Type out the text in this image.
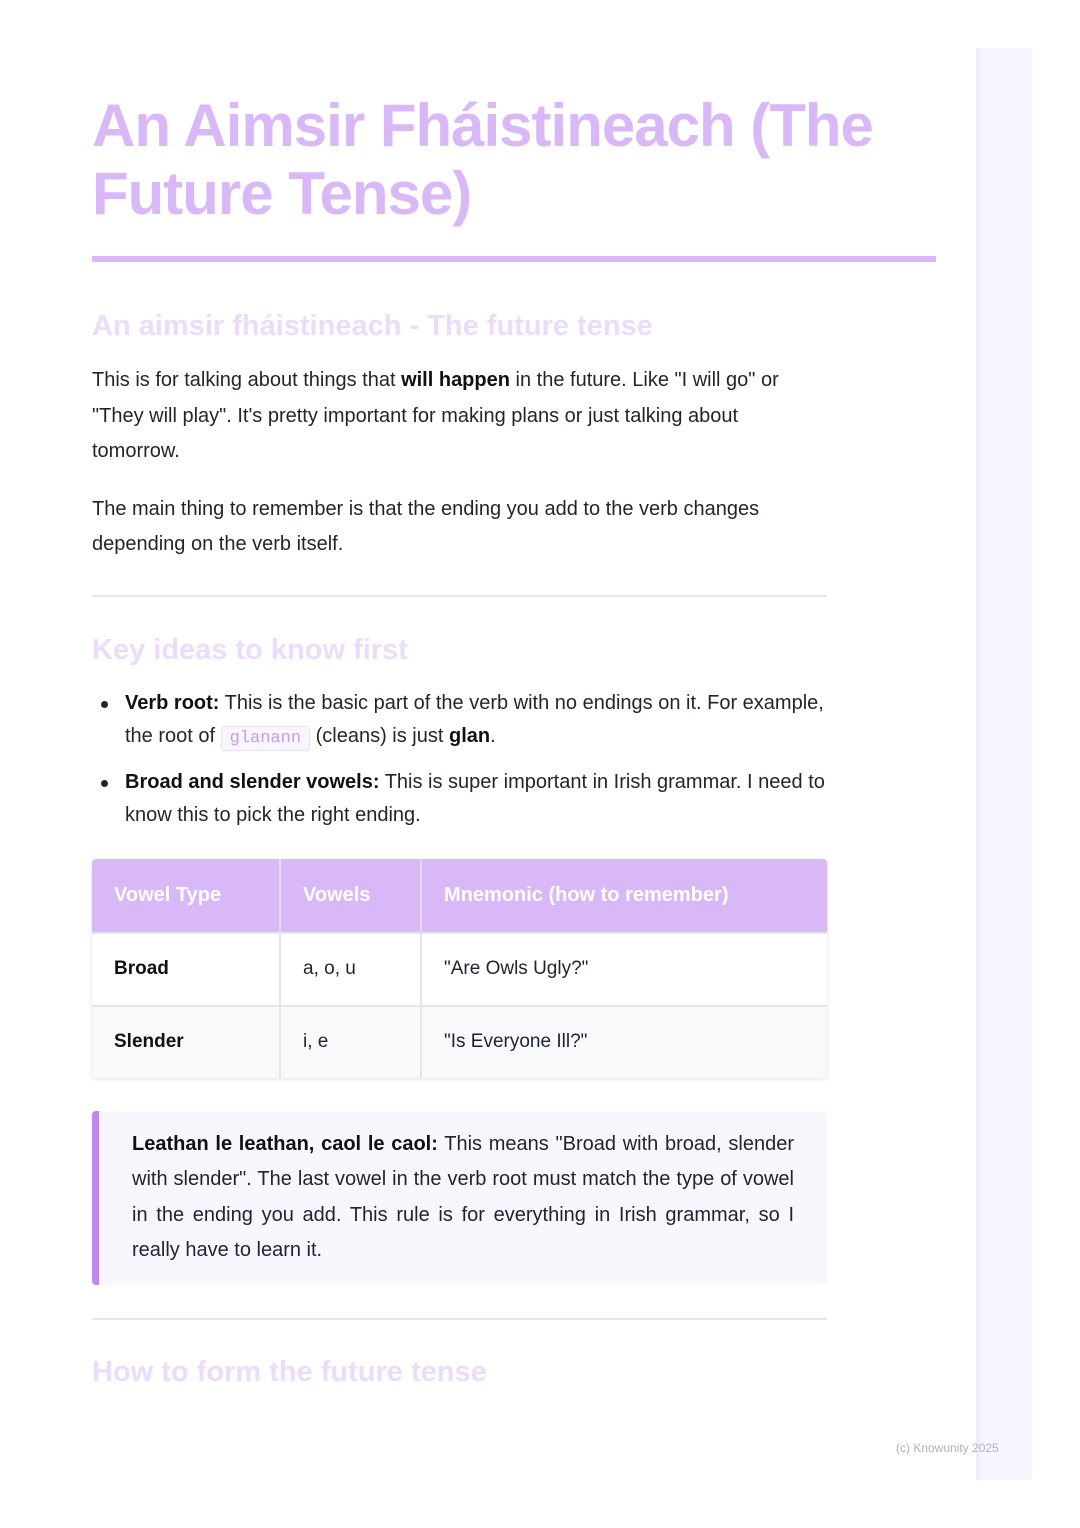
An Aimsir Fháistineach (The Future Tense)
An aimsir fháistineach - The future tense

This is for talking about things that will happen in the future. Like "I will go" or "They will play". It's pretty important for making plans or just talking about tomorrow.

The main thing to remember is that the ending you add to the verb changes depending on the verb itself.

Key ideas to know first
Verb root: This is the basic part of the verb with no endings on it. For example, the root of glanann (cleans) is just glan.
Broad and slender vowels: This is super important in Irish grammar. I need to know this to pick the right ending.
Vowel Type	Vowels	Mnemonic (how to remember)
Broad	a, o, u	"Are Owls Ugly?"
Slender	i, e	"Is Everyone Ill?"

Leathan le leathan, caol le caol: This means "Broad with broad, slender with slender". The last vowel in the verb root must match the type of vowel in the ending you add. This rule is for everything in Irish grammar, so I really have to learn it.

How to form the future tense
(c) Knowunity 2025
